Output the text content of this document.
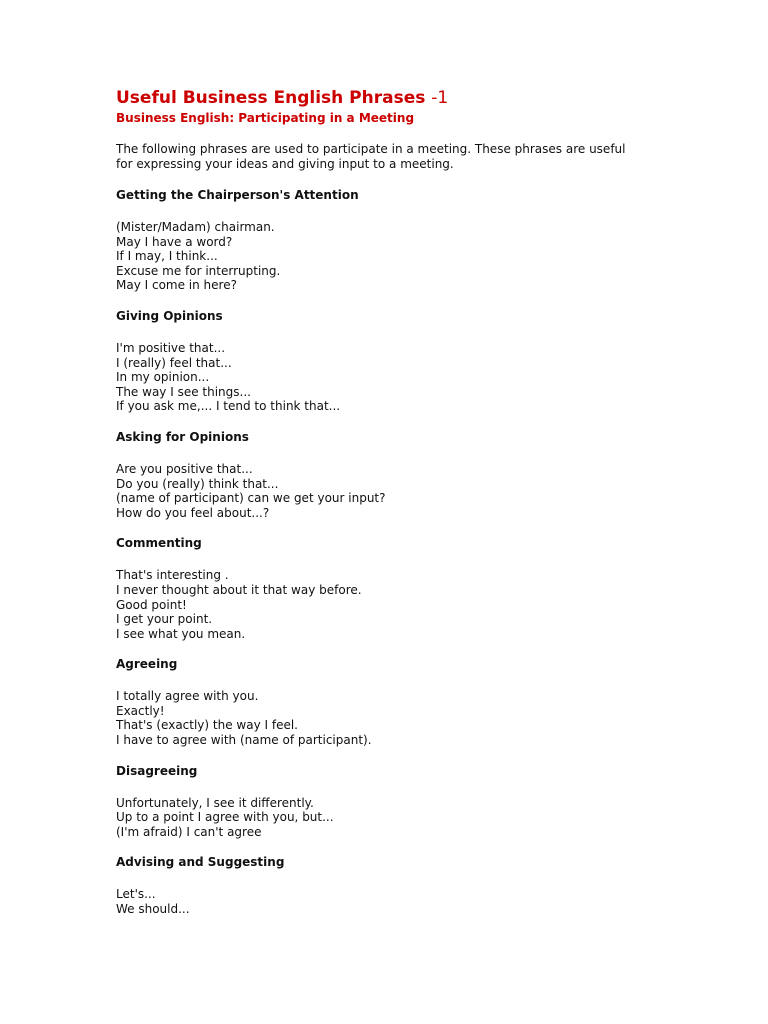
Useful Business English Phrases -1
Business English: Participating in a Meeting

The following phrases are used to participate in a meeting. These phrases are useful for expressing your ideas and giving input to a meeting.

Getting the Chairperson's Attention
(Mister/Madam) chairman.
May I have a word?
If I may, I think...
Excuse me for interrupting.
May I come in here?
Giving Opinions
I'm positive that...
I (really) feel that...
In my opinion...
The way I see things...
If you ask me,... I tend to think that...
Asking for Opinions
Are you positive that...
Do you (really) think that...
(name of participant) can we get your input?
How do you feel about...?
Commenting
That's interesting .
I never thought about it that way before.
Good point!
I get your point.
I see what you mean.
Agreeing
I totally agree with you.
Exactly!
That's (exactly) the way I feel.
I have to agree with (name of participant).
Disagreeing
Unfortunately, I see it differently.
Up to a point I agree with you, but...
(I'm afraid) I can't agree
Advising and Suggesting
Let's...
We should...
